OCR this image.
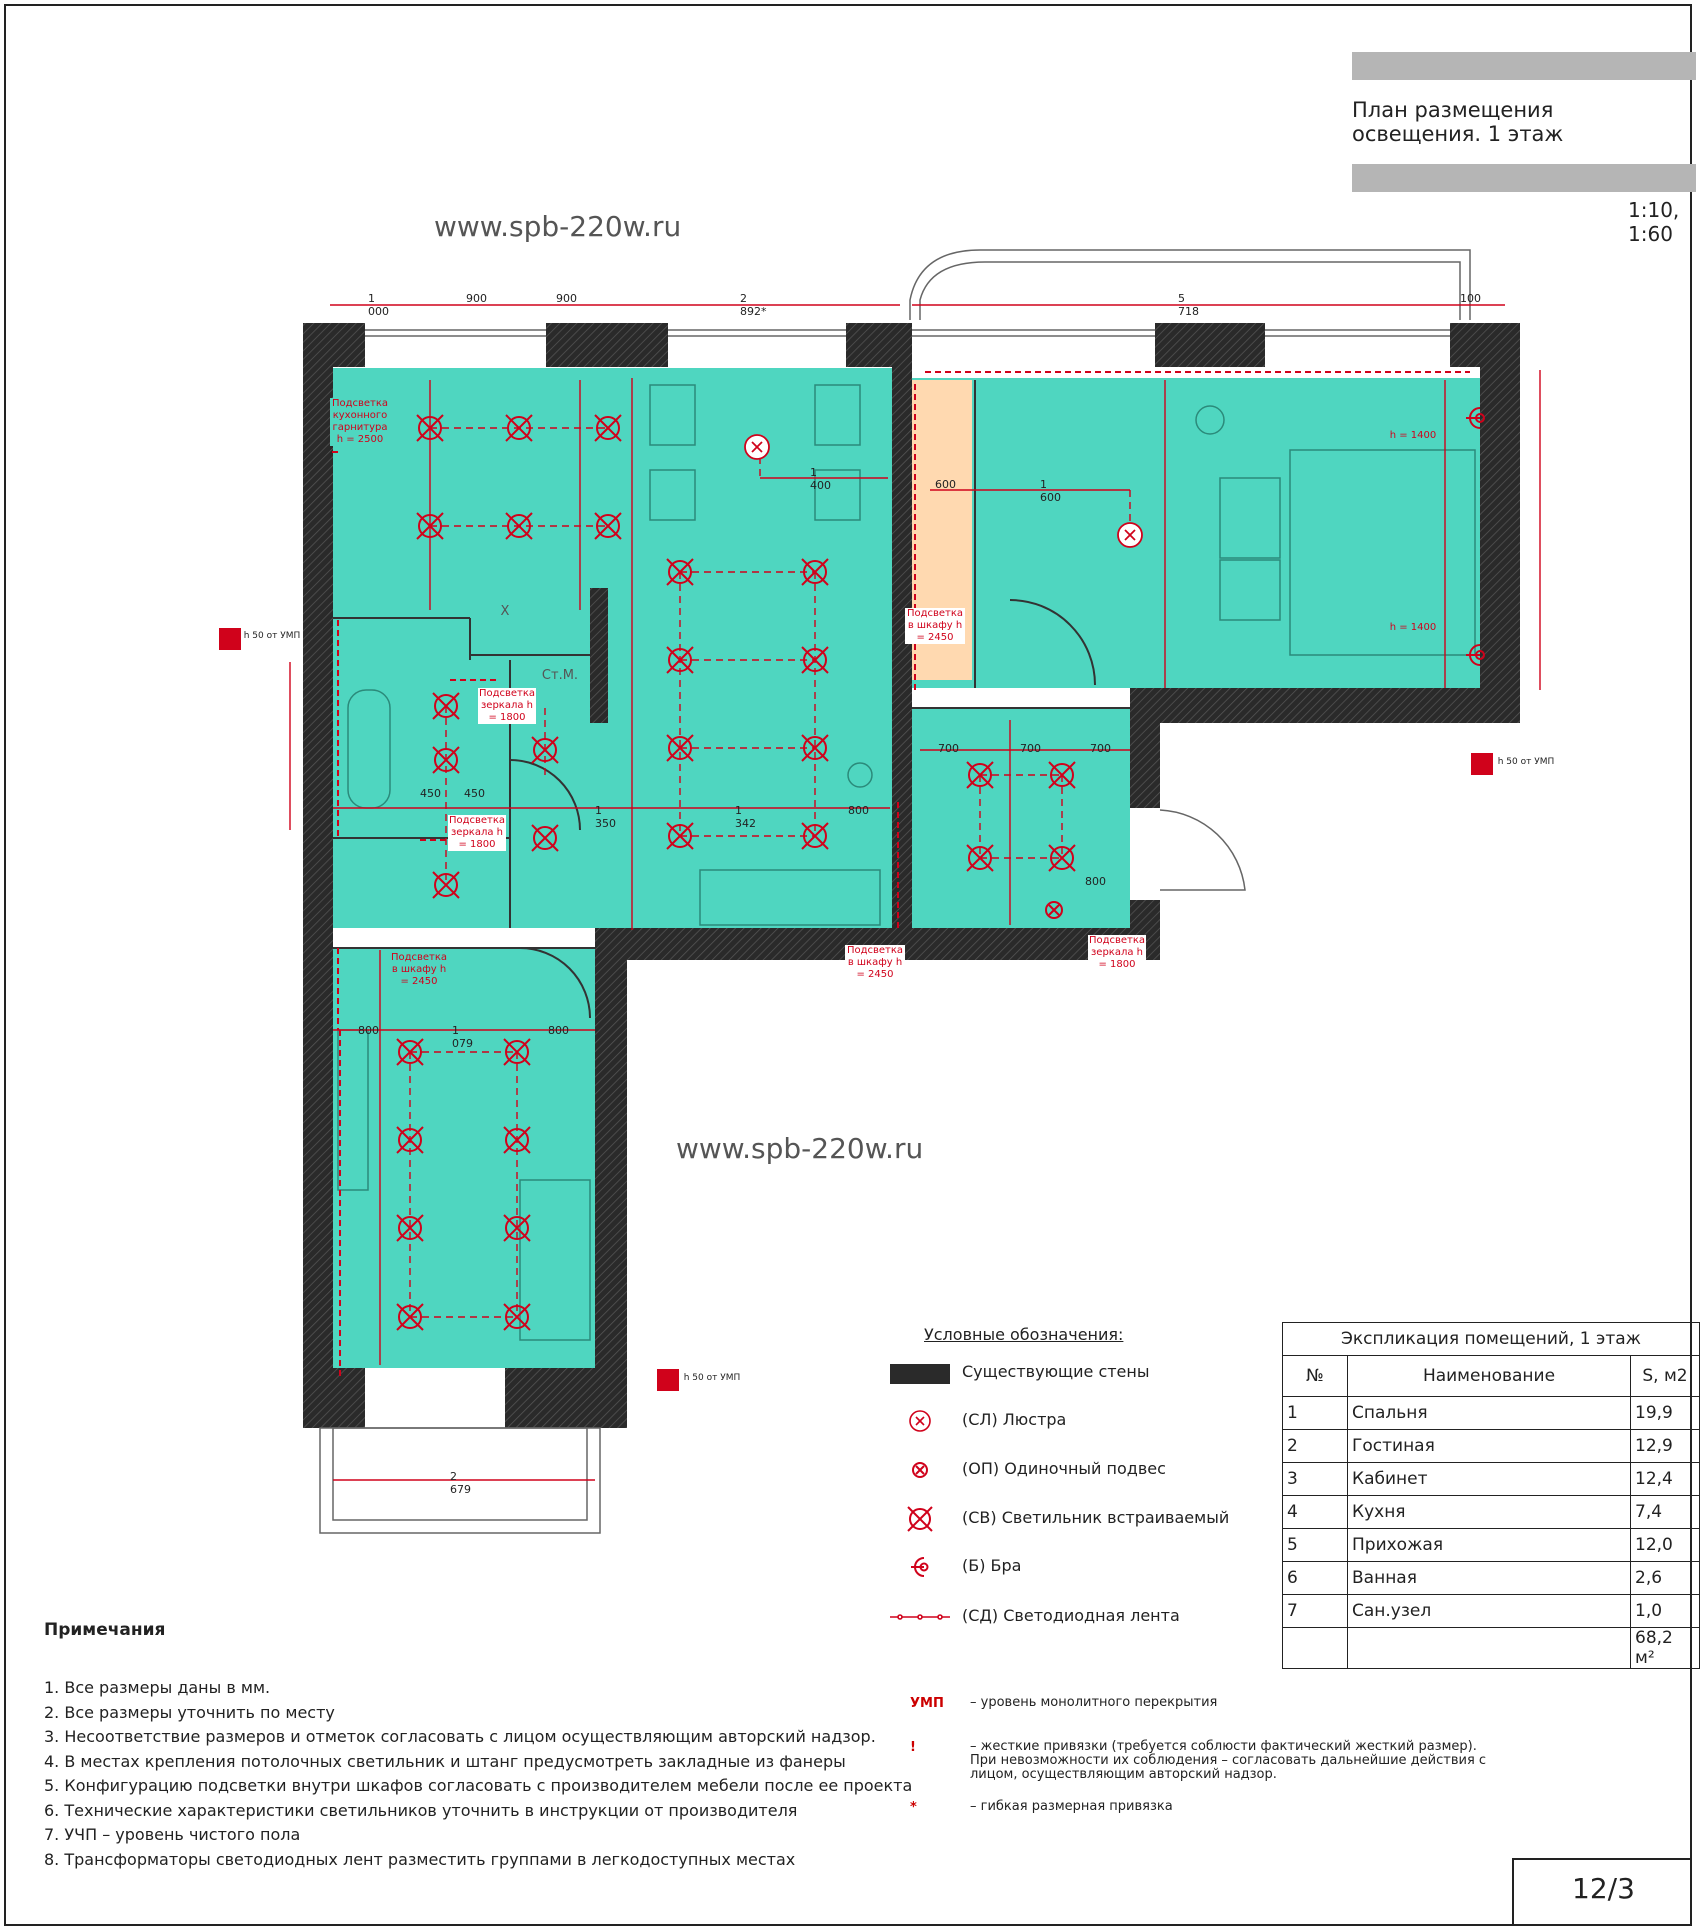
План размещения освещения. 1 этаж
1:10, 1:60
www.spb-220w.ru
www.spb-220w.ru
1 000
900	900	2 892*
5 718
100
1 400	600	1 600
450 450
1 350
1 342
800
700	700	700
800
800	1 079
800
2 679
Подсветка кухонного гарнитура h = 2500
Подсветка в шкафу h = 2450
Подсветка в шкафу h = 2450
Подсветка в шкафу h = 2450
Подсветка зеркала h = 1800
Подсветка зеркала h = 1800
Подсветка зеркала h = 1800
h = 1400
h = 1400
h 50 от УМП
h 50 от УМП
h 50 от УМП
Ст.М.
X
Условные обозначения:
Существующие стены
(СЛ) Люстра
(ОП) Одиночный подвес
(СВ) Светильник встраиваемый
(Б) Бра
(СД) Светодиодная лента
УМП	– уровень монолитного перекрытия
!	– жесткие привязки (требуется соблюсти фактический жесткий размер). При невозможности их соблюдения – согласовать дальнейшие действия с лицом, осуществляющим авторский надзор.
*	– гибкая размерная привязка
Примечания
1. Все размеры даны в мм.
2. Все размеры уточнить по месту
3. Несоответствие размеров и отметок согласовать с лицом осуществляющим авторский надзор.
4. В местах крепления потолочных светильник и штанг предусмотреть закладные из фанеры
5. Конфигурацию подсветки внутри шкафов согласовать с производителем мебели после ее проекта
6. Технические характеристики светильников уточнить в инструкции от производителя
7. УЧП – уровень чистого пола
8. Трансформаторы светодиодных лент разместить группами в легкодоступных местах
Экспликация помещений, 1 этаж		
№	Наименование	S, м2
1	Спальня	19,9
2	Гостиная	12,9
3	Кабинет	12,4
4	Кухня	7,4
5	Прихожая	12,0
6	Ванная	2,6
7	Сан.узел	1,0
		68,2 м²
12/3
